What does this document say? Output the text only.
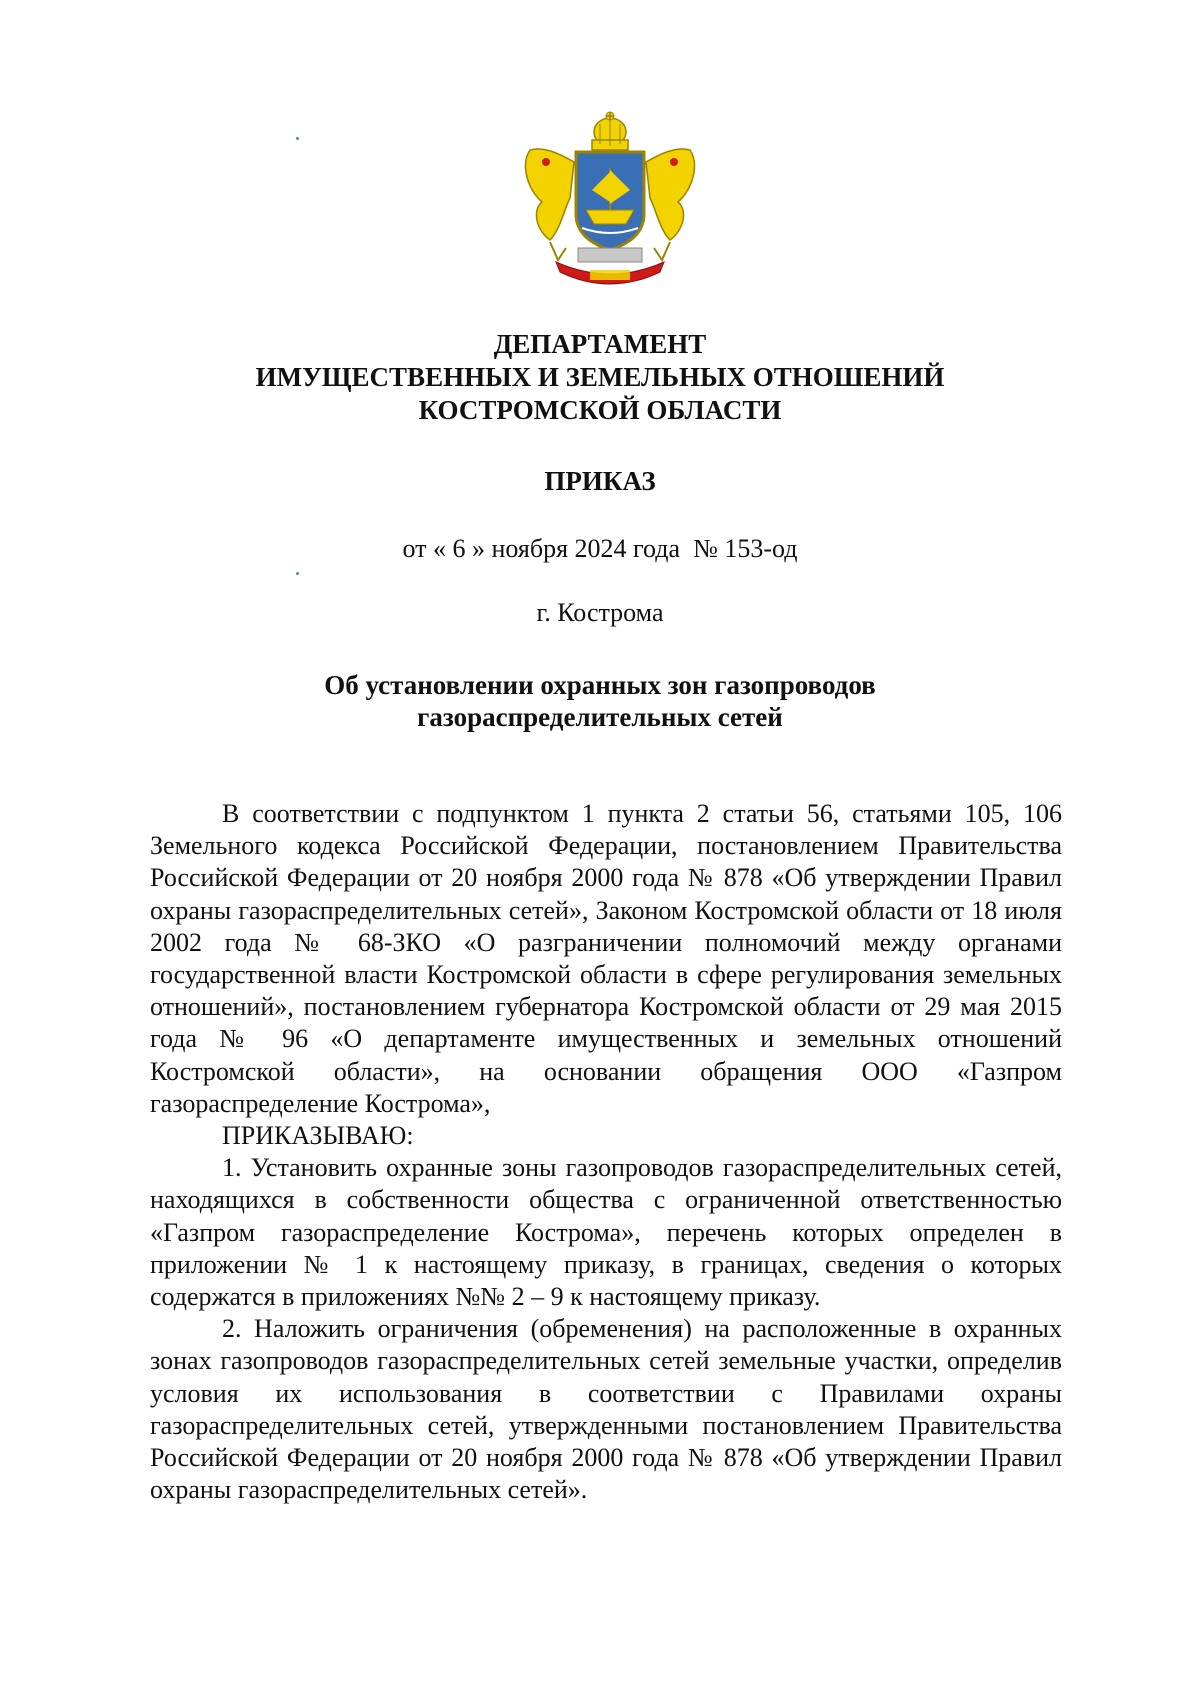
ДЕПАРТАМЕНТ
ИМУЩЕСТВЕННЫХ И ЗЕМЕЛЬНЫХ ОТНОШЕНИЙ
КОСТРОМСКОЙ ОБЛАСТИ
ПРИКАЗ
от « 6 » ноября 2024 года  № 153-од
г. Кострома
Об установлении охранных зон газопроводов
газораспределительных сетей

В соответствии с подпунктом 1 пункта 2 статьи 56, статьями 105, 106 Земельного кодекса Российской Федерации, постановлением Правительства Российской Федерации от 20 ноября 2000 года № 878 «Об утверждении Правил охраны газораспределительных сетей», Законом Костромской области от 18 июля 2002 года № 68-ЗКО «О разграничении полномочий между органами государственной власти Костромской области в сфере регулирования земельных отношений», постановлением губернатора Костромской области от 29 мая 2015 года № 96 «О департаменте имущественных и земельных отношений Костромской области», на основании обращения ООО «Газпром газораспределение Кострома»,

ПРИКАЗЫВАЮ:

1. Установить охранные зоны газопроводов газораспределительных сетей, находящихся в собственности общества с ограниченной ответственностью «Газпром газораспределение Кострома», перечень которых определен в приложении № 1 к настоящему приказу, в границах, сведения о которых содержатся в приложениях №№ 2 – 9 к настоящему приказу.

2. Наложить ограничения (обременения) на расположенные в охранных зонах газопроводов газораспределительных сетей земельные участки, определив условия их использования в соответствии с Правилами охраны газораспределительных сетей, утвержденными постановлением Правительства Российской Федерации от 20 ноября 2000 года № 878 «Об утверждении Правил охраны газораспределительных сетей».
